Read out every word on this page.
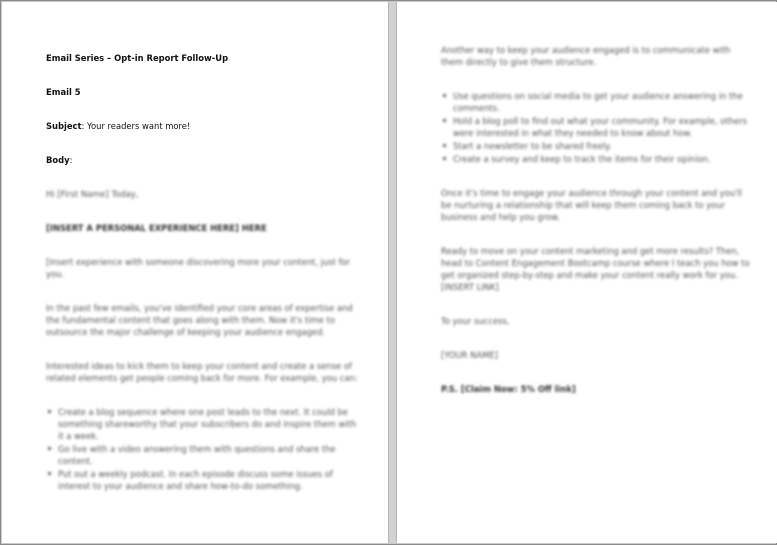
Email Series – Opt-in Report Follow-Up
Email 5
Subject: Your readers want more!
Body:
Hi [First Name] Today,
[INSERT A PERSONAL EXPERIENCE HERE] HERE
[Insert experience with someone discovering more your content, just for you.
In the past few emails, you've identified your core areas of expertise and the fundamental content that goes along with them. Now it's time to outsource the major challenge of keeping your audience engaged.
Interested ideas to kick them to keep your content and create a sense of related elements get people coming back for more. For example, you can:
Create a blog sequence where one post leads to the next. It could be something shareworthy that your subscribers do and inspire them with it a week.
Go live with a video answering them with questions and share the content.
Put out a weekly podcast. In each episode discuss some issues of interest to your audience and share how-to-do something.
Another way to keep your audience engaged is to communicate with them directly to give them structure.
Use questions on social media to get your audience answering in the comments.
Hold a blog poll to find out what your community. For example, others were interested in what they needed to know about how.
Start a newsletter to be shared freely.
Create a survey and keep to track the items for their opinion.
Once it's time to engage your audience through your content and you'll be nurturing a relationship that will keep them coming back to your business and help you grow.
Ready to move on your content marketing and get more results? Then, head to Content Engagement Bootcamp course where I teach you how to get organized step-by-step and make your content really work for you. [INSERT LINK]
To your success,
[YOUR NAME]
P.S. [Claim Now: 5% Off link]
